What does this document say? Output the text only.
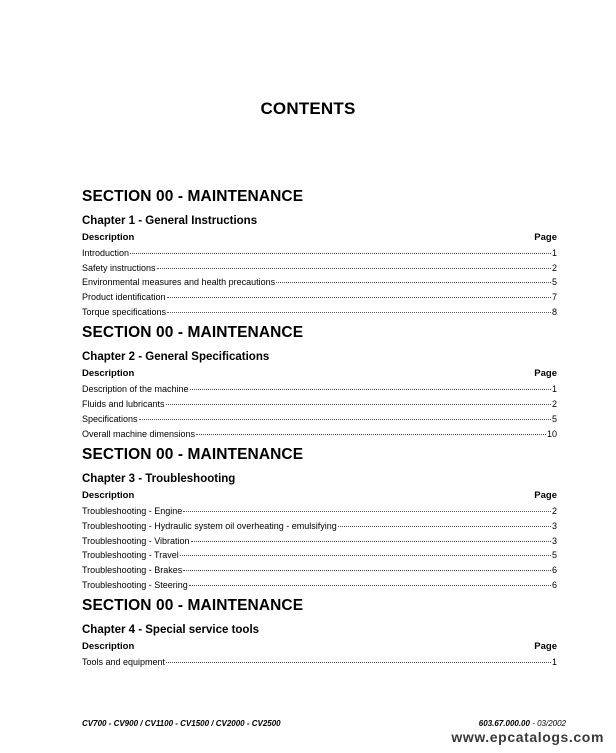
CONTENTS
SECTION 00 - MAINTENANCE
Chapter 1 - General Instructions
Description	Page
Introduction	1
Safety instructions	2
Environmental measures and health precautions	5
Product identification	7
Torque specifications	8
SECTION 00 - MAINTENANCE
Chapter 2 - General Specifications
Description	Page
Description of the machine	1
Fluids and lubricants	2
Specifications	5
Overall machine dimensions	10
SECTION 00 - MAINTENANCE
Chapter 3 - Troubleshooting
Description	Page
Troubleshooting - Engine	2
Troubleshooting - Hydraulic system oil overheating - emulsifying	3
Troubleshooting - Vibration	3
Troubleshooting - Travel	5
Troubleshooting - Brakes	6
Troubleshooting - Steering	6
SECTION 00 - MAINTENANCE
Chapter 4 - Special service tools
Description	Page
Tools and equipment	1
CV700 - CV900 / CV1100 - CV1500 / CV2000 - CV2500	603.67.000.00 - 03/2002
www.epcatalogs.com
